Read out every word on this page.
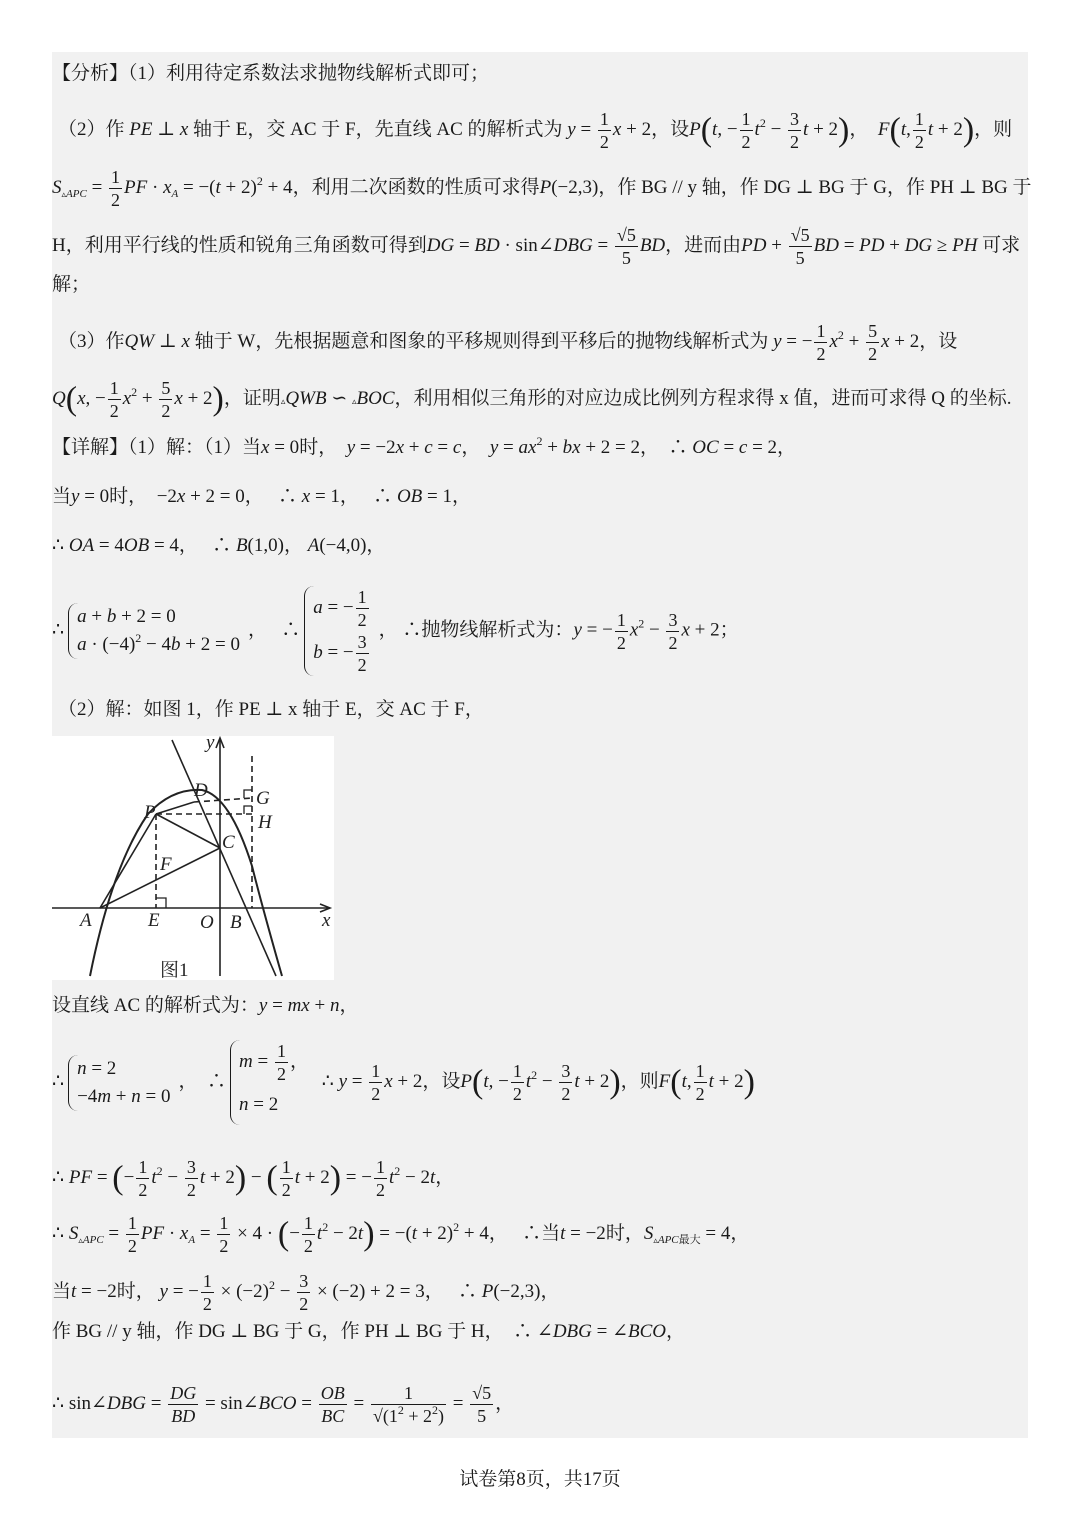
【分析】（1）利用待定系数法求抛物线解析式即可；
（2）作 PE ⊥ x 轴于 E，交 AC 于 F，先直线 AC 的解析式为 $y = \frac{1}{2}$ x + 2，设P(t, − $\frac{1}{2} t^2 - \frac{3}{2}$ t + 2)，  F(t, $\frac{1}{2}$ t + 2)，则
$S_{▵APC} = \frac{1}{2}$ PF · $x_A = -(t + 2)^2 + 4$，利用二次函数的性质可求得P(−2,3)，作 BG // y 轴，作 DG ⊥ BG 于 G，作 PH ⊥ BG 于
H，利用平行线的性质和锐角三角函数可得到DG = BD · sin∠DBG = $\frac{√5}{5}$ BD，进而由PD + $\frac{√5}{5}$ BD = PD + DG ≥ PH 可求
解；
（3）作QW ⊥ x 轴于 W，先根据题意和图象的平移规则得到平移后的抛物线解析式为 y = − $\frac{1}{2} x^2 + \frac{5}{2}$ x + 2，设
Q(x, − $\frac{1}{2} x^2 + \frac{5}{2}$ x + 2)，证明▵QWB ∽ ▵BOC，利用相似三角形的对应边成比例列方程求得 x 值，进而可求得 Q 的坐标.
【详解】（1）解：（1）当x = 0时， y = −2x + c = c，  $y = ax^2$ + bx + 2 = 2，  ∴ OC = c = 2，
当y = 0时，  −2x + 2 = 0，   ∴ x = 1，   ∴ OB = 1，
∴ OA = 4OB = 4，   ∴ B(1,0)， A(−4,0)，
∴
a + b + 2 = 0
$a \cdot (-4)^2 - 4b + 2 = 0$
，   ∴
a = − $\frac{1}{2}$
b = − $\frac{3}{2}$
， ∴抛物线解析式为：y = − $\frac{1}{2} x^2 - \frac{3}{2}$ x + 2；
（2）解：如图 1，作 PE ⊥ x 轴于 E，交 AC 于 F，
y
x
D	G
H
P
C
F
A	E O B
图1
设直线 AC 的解析式为：y = mx + n，
∴
n = 2
−4m + n = 0
，  ∴
$m = \frac{1}{2}$ ，
n = 2
∴ $y = \frac{1}{2}$ x + 2，设P(t, − $\frac{1}{2} t^2 - \frac{3}{2}$ t + 2)，则F(t, $\frac{1}{2}$ t + 2)
∴ PF = (− $\frac{1}{2} t^2 - \frac{3}{2}$ t + 2) − ( $\frac{1}{2}$ t + 2) = − $\frac{1}{2} t^2 - 2t$，
∴ $S_{▵APC} = \frac{1}{2}$ PF · $x_A = \frac{1}{2} \times 4$ · (− $\frac{1}{2} t^2 - 2t) = -(t + 2)^2 + 4$，   ∴当t = −2时，$S_{▵APC最大} = 4$，
当t = −2时， y = − $\frac{1}{2} \times (-2)^2 - \frac{3}{2} \times (-2) + 2 = 3$，   ∴ P(−2,3)，
作 BG // y 轴，作 DG ⊥ BG 于 G，作 PH ⊥ BG 于 H，  ∴ ∠DBG = ∠BCO，
∴ sin∠DBG = $\frac{DG}{BD}$ = sin∠BCO = $\frac{OB}{BC} = \frac{1}{√(1^2 + 2^2)} = \frac{√5}{5}$ ，
试卷第8页，共17页
